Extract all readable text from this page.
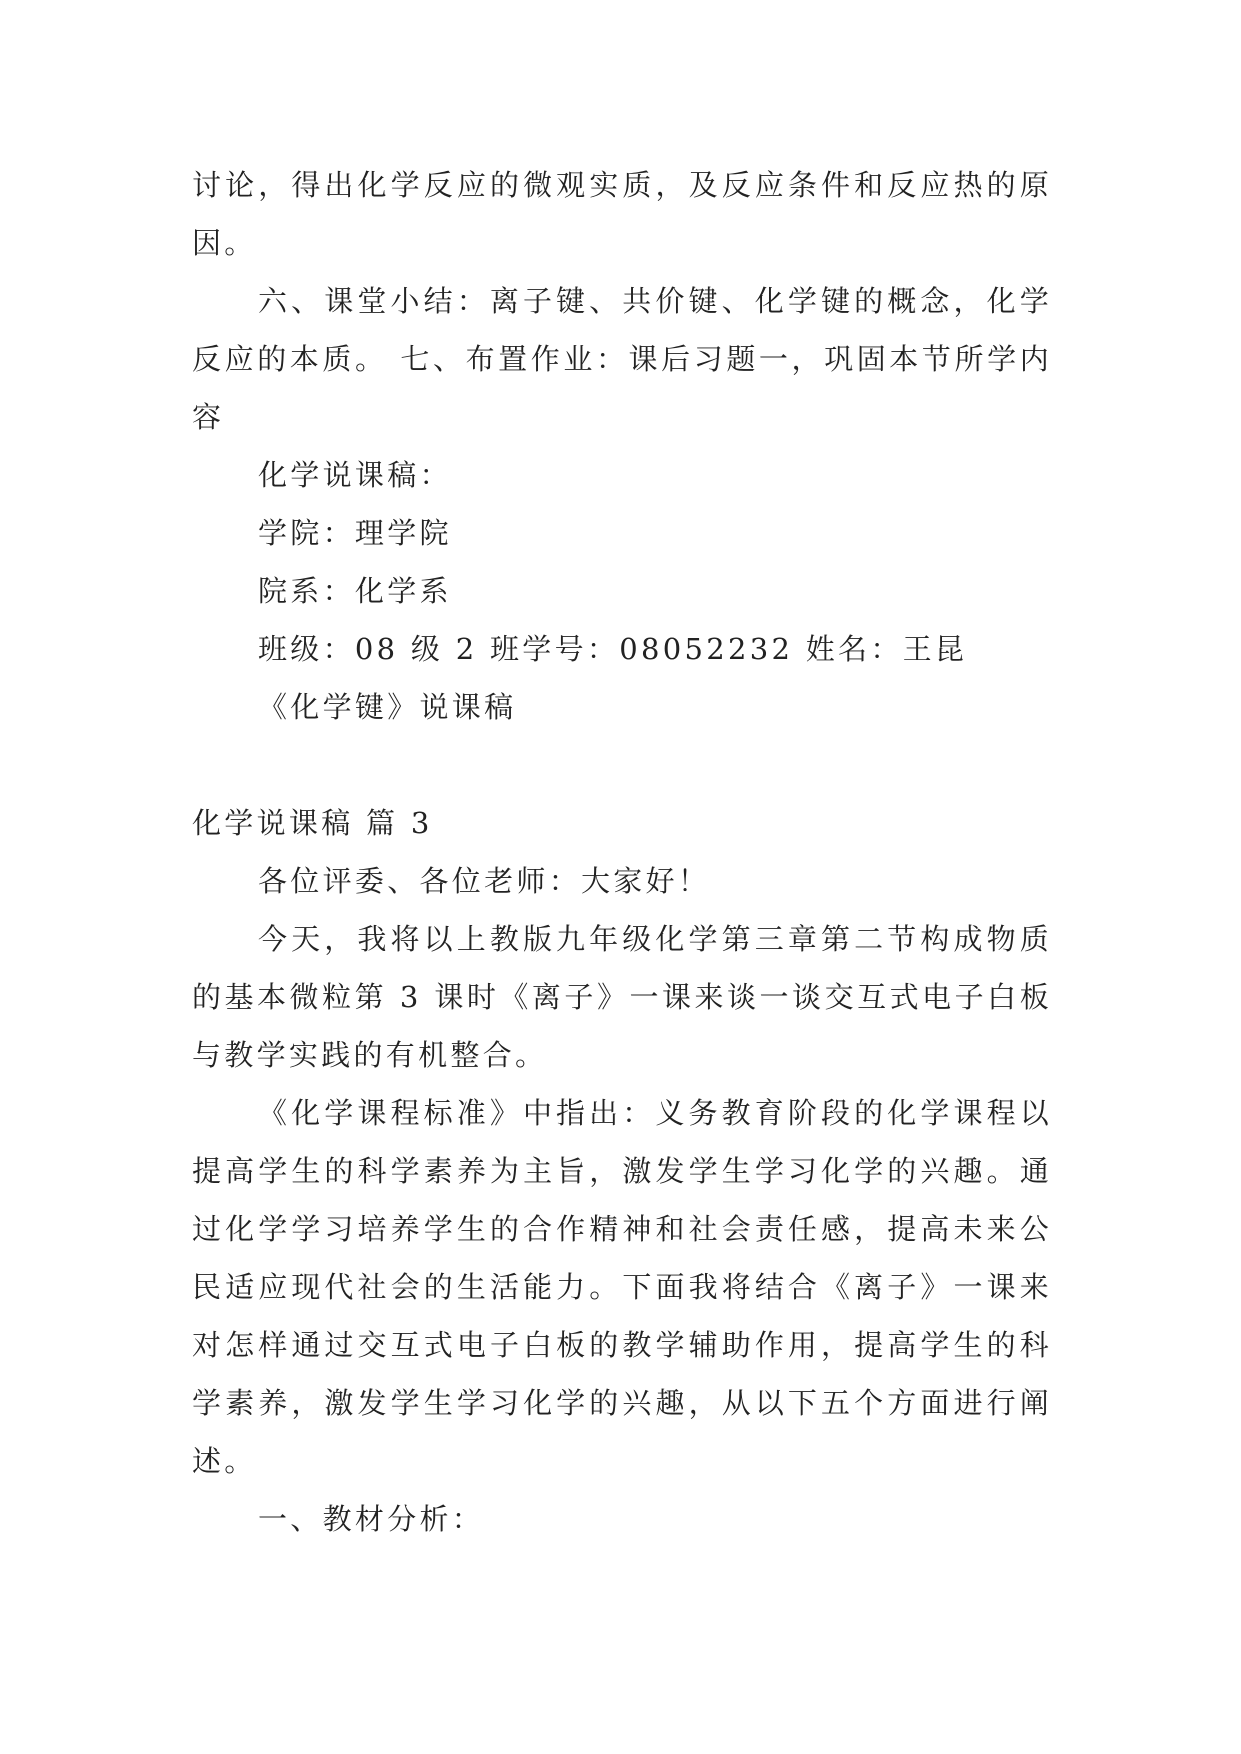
讨论，得出化学反应的微观实质，及反应条件和反应热的原因。

六、课堂小结：离子键、共价键、化学键的概念，化学反应的本质。 七、布置作业：课后习题一，巩固本节所学内容

化学说课稿：

学院：理学院

院系：化学系

班级：08 级 2 班学号：08052232 姓名：王昆

《化学键》说课稿

化学说课稿 篇 3

各位评委、各位老师：大家好！

今天，我将以上教版九年级化学第三章第二节构成物质的基本微粒第 3 课时《离子》一课来谈一谈交互式电子白板与教学实践的有机整合。

《化学课程标准》中指出：义务教育阶段的化学课程以提高学生的科学素养为主旨，激发学生学习化学的兴趣。通过化学学习培养学生的合作精神和社会责任感，提高未来公民适应现代社会的生活能力。下面我将结合《离子》一课来对怎样通过交互式电子白板的教学辅助作用，提高学生的科学素养，激发学生学习化学的兴趣，从以下五个方面进行阐述。

一、教材分析：
